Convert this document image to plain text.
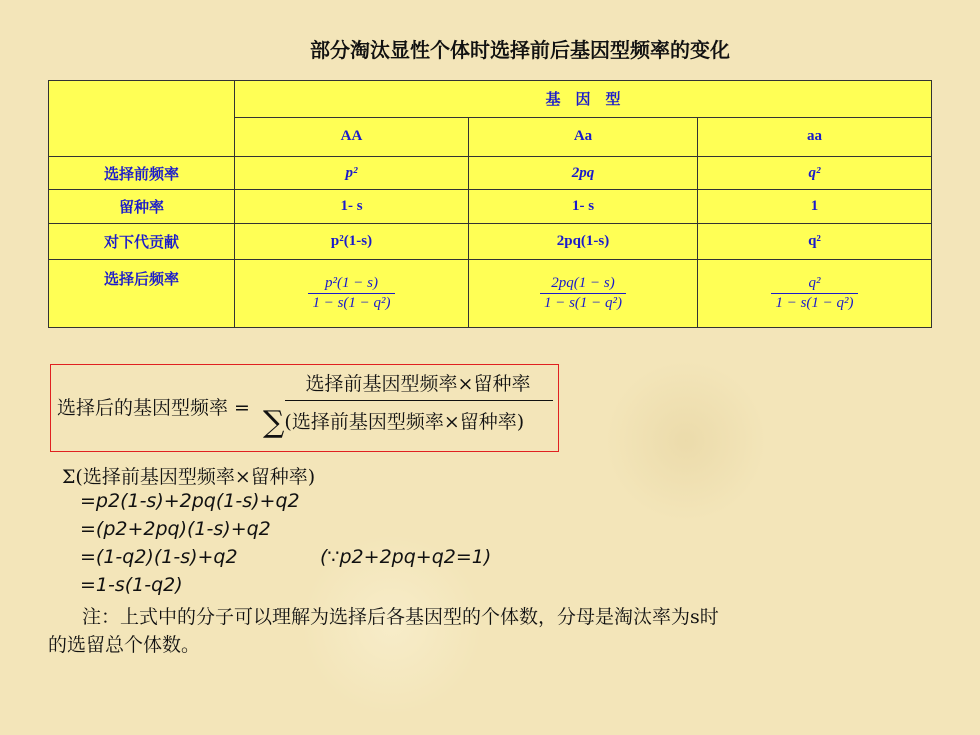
部分淘汰显性个体时选择前后基因型频率的变化
	基　因　型		
	AA	Aa	aa
选择前频率	p²	2pq	q²
留种率	1- s	1- s	1
对下代贡献	p²(1-s)	2pq(1-s)	q²
选择后频率	$\frac{\text{p²(1 − s)}}{\text{1 − s(1 − q²)}}$	$\frac{2pq(1 - s)}{\text{1 − s(1 − q²)}}$	$\frac{\text{q²}}{\text{1 − s(1 − q²)}}$
选择后的基因型频率 =
选择前基因型频率×留种率
∑(选择前基因型频率×留种率)
Σ(选择前基因型频率×留种率)
=p2(1-s)+2pq(1-s)+q2
=(p2+2pq)(1-s)+q2
=(1-q2)(1-s)+q2	(∵p2+2pq+q2=1)
=1-s(1-q2)
注：上式中的分子可以理解为选择后各基因型的个体数，分母是淘汰率为s时
的选留总个体数。
